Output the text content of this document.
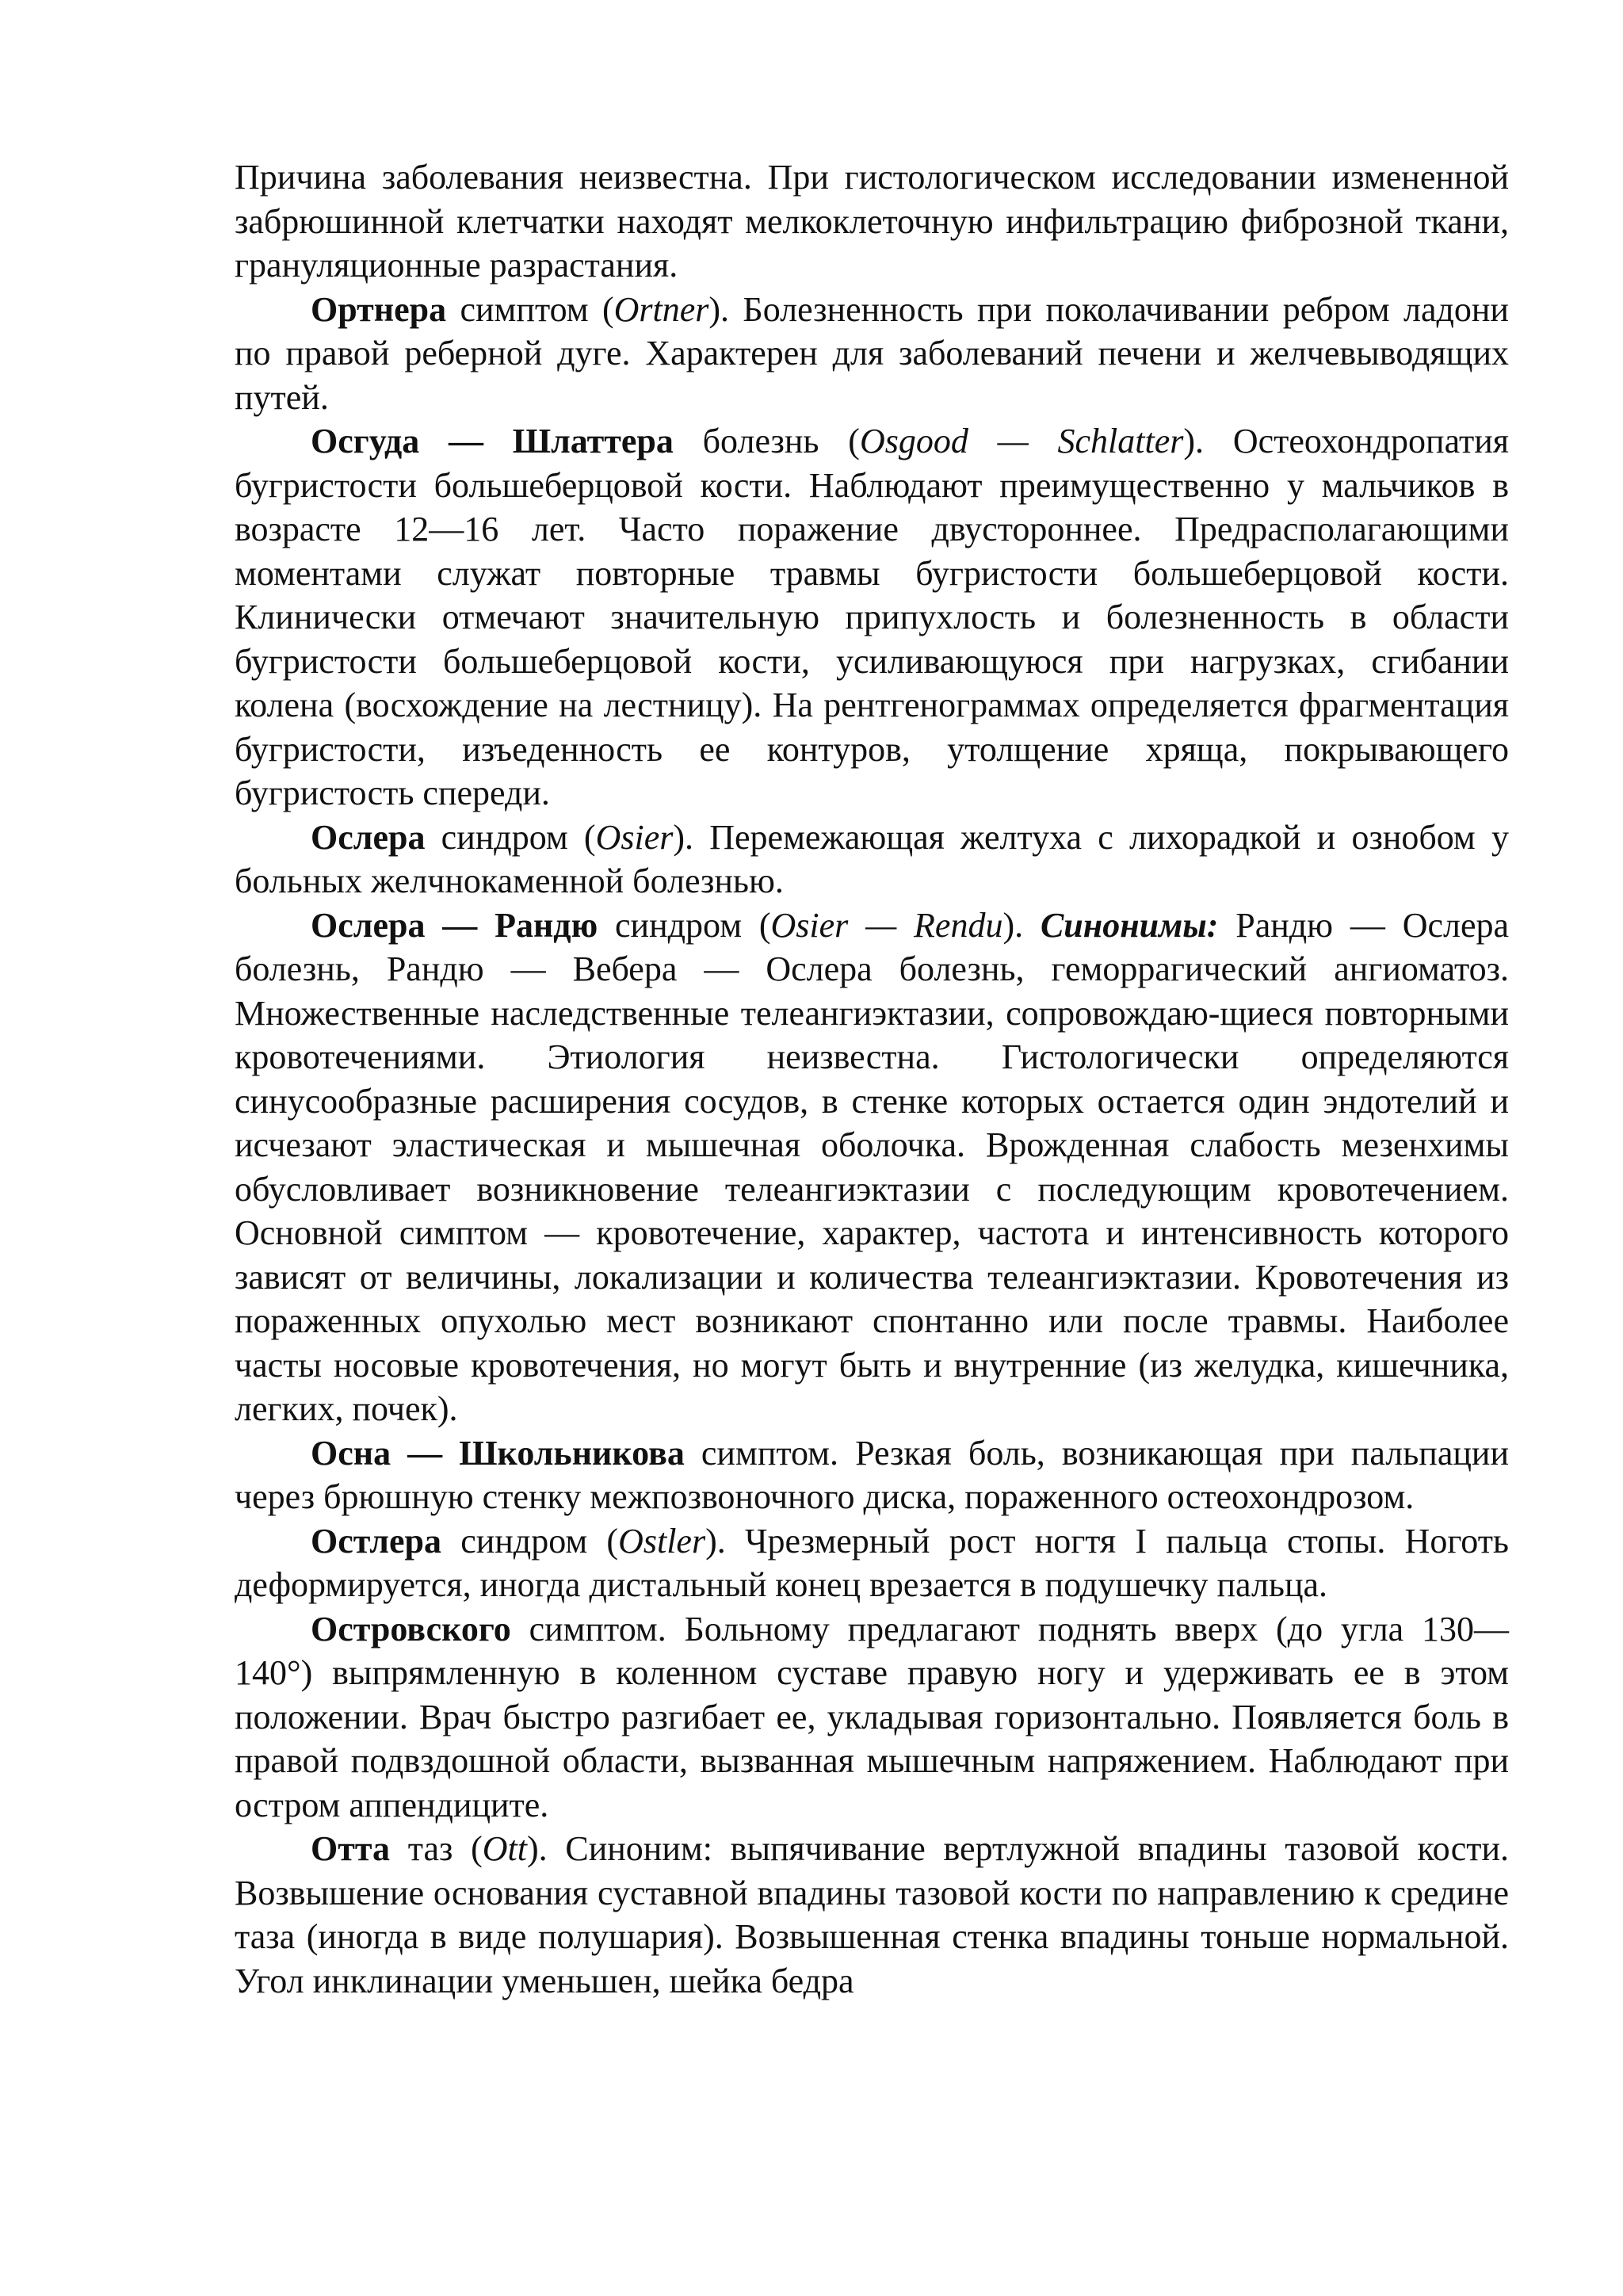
Причина заболевания неизвестна. При гистологическом исследовании измененной забрюшинной клетчатки находят мелкоклеточную инфильтрацию фиброзной ткани, грануляционные разрастания.

Ортнера симптом (Ortner). Болезненность при поколачивании ребром ладони по правой реберной дуге. Характерен для заболеваний печени и желчевыводящих путей.

Осгуда — Шлаттера болезнь (Osgood — Schlatter). Остеохондропатия бугристости большеберцовой кости. Наблюдают преимущественно у мальчиков в возрасте 12—16 лет. Часто поражение двустороннее. Предрасполагающими моментами служат повторные травмы бугристости большеберцовой кости. Клинически отмечают значительную припухлость и болезненность в области бугристости большеберцовой кости, усиливающуюся при нагрузках, сгибании колена (восхождение на лестницу). На рентгенограммах определяется фрагментация бугристости, изъеденность ее контуров, утолщение хряща, покрывающего бугристость спереди.

Ослера синдром (Osier). Перемежающая желтуха с лихорадкой и ознобом у больных желчнокаменной болезнью.

Ослера — Рандю синдром (Osier — Rendu). Синонимы: Рандю — Ослера болезнь, Рандю — Вебера — Ослера болезнь, геморрагический ангиоматоз. Множественные наследственные телеангиэктазии, сопровождаю-щиеся повторными кровотечениями. Этиология неизвестна. Гистологически определяются синусообразные расширения сосудов, в стенке которых остается один эндотелий и исчезают эластическая и мышечная оболочка. Врожденная слабость мезенхимы обусловливает возникновение телеангиэктазии с последующим кровотечением. Основной симптом — кровотечение, характер, частота и интенсивность которого зависят от величины, локализации и количества телеангиэктазии. Кровотечения из пораженных опухолью мест возникают спонтанно или после травмы. Наиболее часты носовые кровотечения, но могут быть и внутренние (из желудка, кишечника, легких, почек).

Осна — Школьникова симптом. Резкая боль, возникающая при пальпации через брюшную стенку межпозвоночного диска, пораженного остеохондрозом.

Остлера синдром (Ostler). Чрезмерный рост ногтя I пальца стопы. Ноготь деформируется, иногда дистальный конец врезается в подушечку пальца.

Островского симптом. Больному предлагают поднять вверх (до угла 130—140°) выпрямленную в коленном суставе правую ногу и удерживать ее в этом положении. Врач быстро разгибает ее, укладывая горизонтально. Появляется боль в правой подвздошной области, вызванная мышечным напряжением. Наблюдают при остром аппендиците.

Отта таз (Ott). Синоним: выпячивание вертлужной впадины тазовой кости. Возвышение основания суставной впадины тазовой кости по направлению к средине таза (иногда в виде полушария). Возвышенная стенка впадины тоньше нормальной. Угол инклинации уменьшен, шейка бедра
